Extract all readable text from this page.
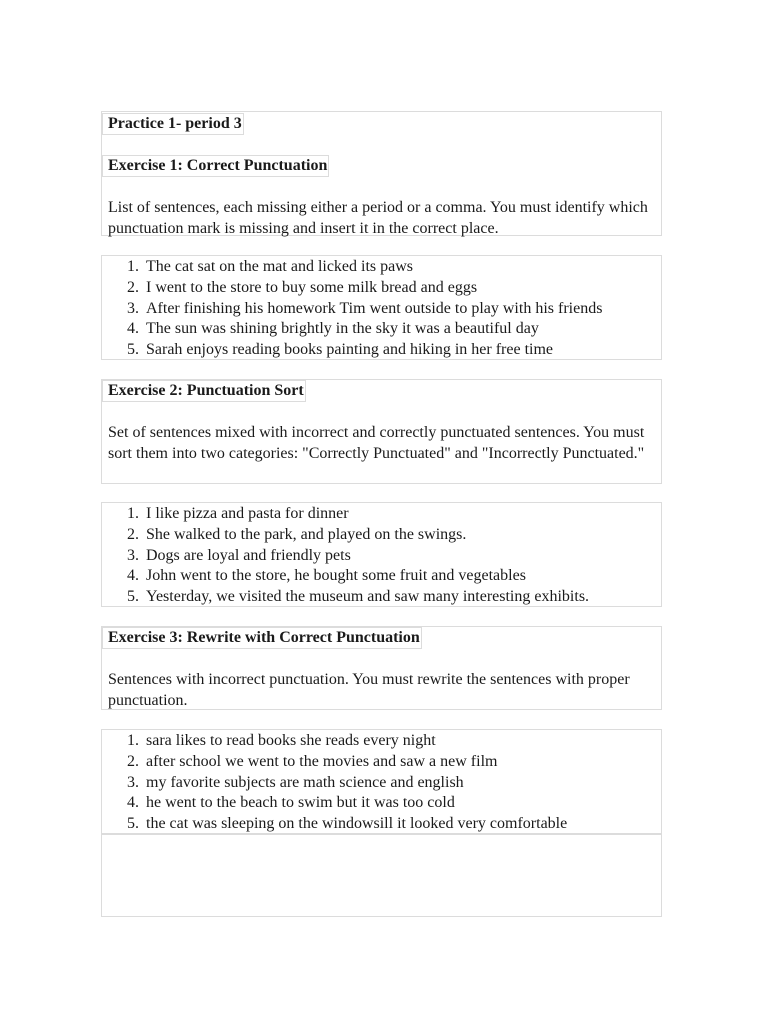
Practice 1- period 3
Exercise 1: Correct Punctuation

List of sentences, each missing either a period or a comma. You must identify which punctuation mark is missing and insert it in the correct place.

1. The cat sat on the mat and licked its paws
2. I went to the store to buy some milk bread and eggs
3. After finishing his homework Tim went outside to play with his friends
4. The sun was shining brightly in the sky it was a beautiful day
5. Sarah enjoys reading books painting and hiking in her free time
Exercise 2: Punctuation Sort

Set of sentences mixed with incorrect and correctly punctuated sentences. You must sort them into two categories: "Correctly Punctuated" and "Incorrectly Punctuated."

1. I like pizza and pasta for dinner
2. She walked to the park, and played on the swings.
3. Dogs are loyal and friendly pets
4. John went to the store, he bought some fruit and vegetables
5. Yesterday, we visited the museum and saw many interesting exhibits.
Exercise 3: Rewrite with Correct Punctuation

Sentences with incorrect punctuation. You must rewrite the sentences with proper punctuation.

1. sara likes to read books she reads every night
2. after school we went to the movies and saw a new film
3. my favorite subjects are math science and english
4. he went to the beach to swim but it was too cold
5. the cat was sleeping on the windowsill it looked very comfortable
